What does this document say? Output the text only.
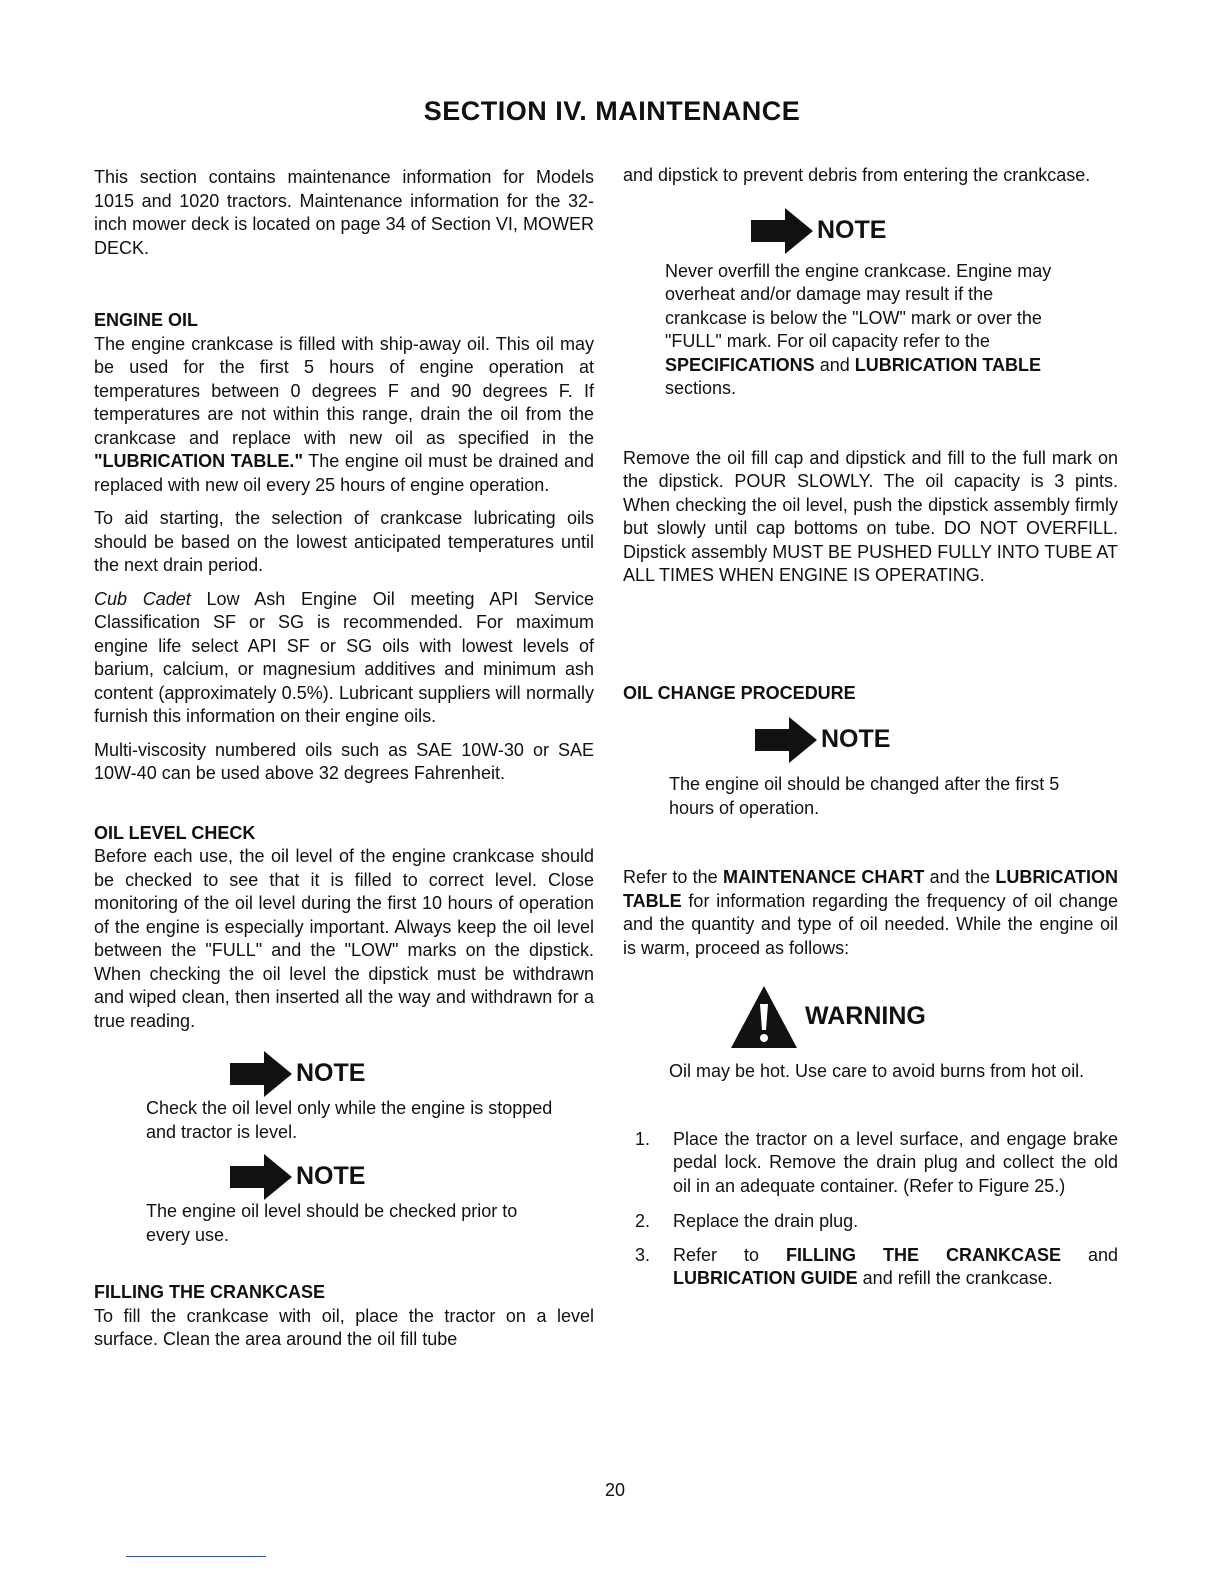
SECTION IV. MAINTENANCE

This section contains maintenance information for Models 1015 and 1020 tractors. Maintenance information for the 32-inch mower deck is located on page 34 of Section VI, MOWER DECK.

ENGINE OIL

The engine crankcase is filled with ship-away oil. This oil may be used for the first 5 hours of engine operation at temperatures between 0 degrees F and 90 degrees F. If temperatures are not within this range, drain the oil from the crankcase and replace with new oil as specified in the "LUBRICATION TABLE." The engine oil must be drained and replaced with new oil every 25 hours of engine operation.

To aid starting, the selection of crankcase lubricating oils should be based on the lowest anticipated temperatures until the next drain period.

Cub Cadet Low Ash Engine Oil meeting API Service Classification SF or SG is recommended. For maximum engine life select API SF or SG oils with lowest levels of barium, calcium, or magnesium additives and minimum ash content (approximately 0.5%). Lubricant suppliers will normally furnish this information on their engine oils.

Multi-viscosity numbered oils such as SAE 10W-30 or SAE 10W-40 can be used above 32 degrees Fahrenheit.

OIL LEVEL CHECK

Before each use, the oil level of the engine crankcase should be checked to see that it is filled to correct level. Close monitoring of the oil level during the first 10 hours of operation of the engine is especially important. Always keep the oil level between the "FULL" and the "LOW" marks on the dipstick. When checking the oil level the dipstick must be withdrawn and wiped clean, then inserted all the way and withdrawn for a true reading.

NOTE

Check the oil level only while the engine is stopped and tractor is level.

NOTE

The engine oil level should be checked prior to every use.

FILLING THE CRANKCASE

To fill the crankcase with oil, place the tractor on a level surface. Clean the area around the oil fill tube

and dipstick to prevent debris from entering the crankcase.

NOTE

Never overfill the engine crankcase. Engine may overheat and/or damage may result if the crankcase is below the "LOW" mark or over the "FULL" mark. For oil capacity refer to the SPECIFICATIONS and LUBRICATION TABLE sections.

Remove the oil fill cap and dipstick and fill to the full mark on the dipstick. POUR SLOWLY. The oil capacity is 3 pints. When checking the oil level, push the dipstick assembly firmly but slowly until cap bottoms on tube. DO NOT OVERFILL. Dipstick assembly MUST BE PUSHED FULLY INTO TUBE AT ALL TIMES WHEN ENGINE IS OPERATING.

OIL CHANGE PROCEDURE

NOTE

The engine oil should be changed after the first 5 hours of operation.

Refer to the MAINTENANCE CHART and the LUBRICATION TABLE for information regarding the frequency of oil change and the quantity and type of oil needed. While the engine oil is warm, proceed as follows:

WARNING

Oil may be hot. Use care to avoid burns from hot oil.

1.	Place the tractor on a level surface, and engage brake pedal lock. Remove the drain plug and collect the old oil in an adequate container. (Refer to Figure 25.)
2.	Replace the drain plug.
3.	Refer to FILLING THE CRANKCASE and LUBRICATION GUIDE and refill the crankcase.
20
